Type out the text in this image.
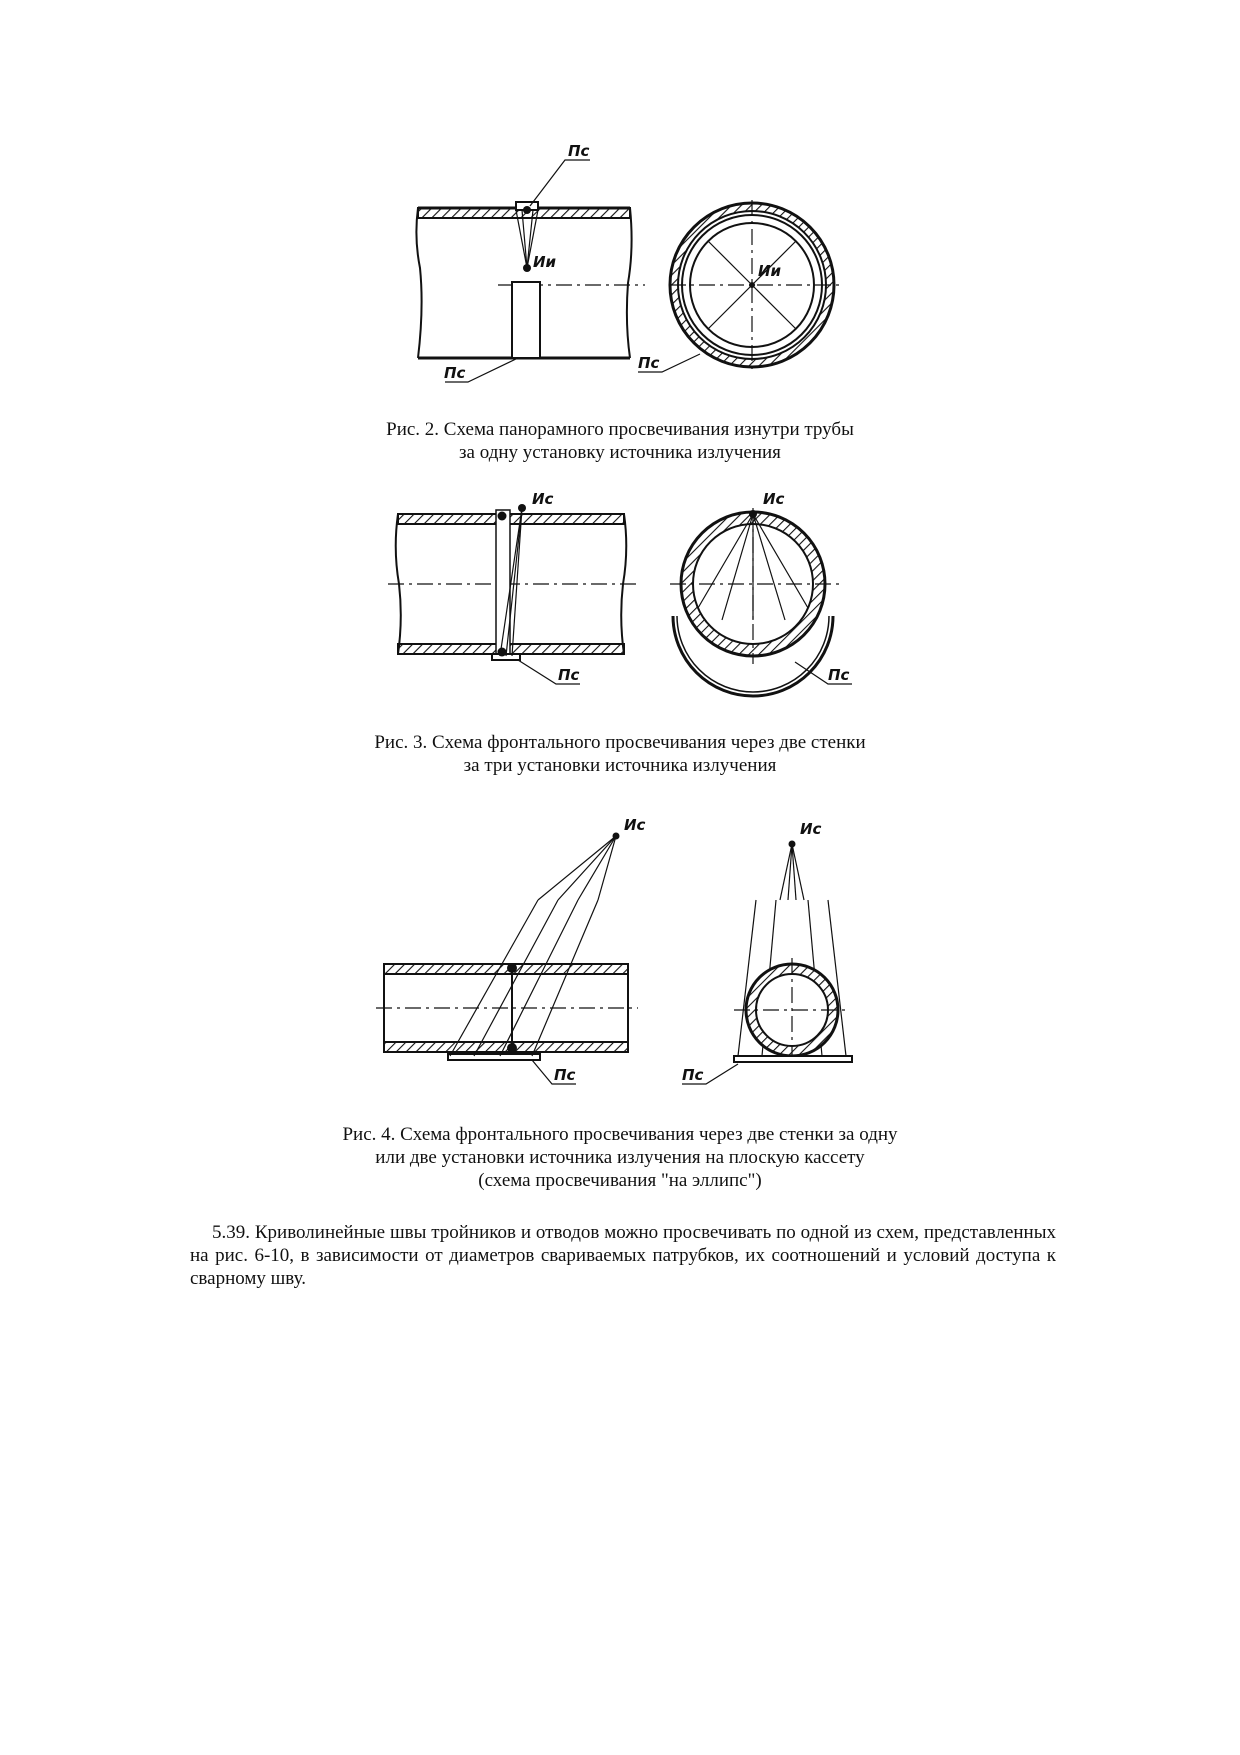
Пс
Пс
Ии	Ии
Пс
Рис. 2. Схема панорамного просвечивания изнутри трубы
за одну установку источника излучения
Ис
Пс
Ис
Пс
Рис. 3. Схема фронтального просвечивания через две стенки
за три установки источника излучения
Ис
Пс
Ис
Пс
Рис. 4. Схема фронтального просвечивания через две стенки за одну
или две установки источника излучения на плоскую кассету
(схема просвечивания "на эллипс")
5.39. Криволинейные швы тройников и отводов можно просвечивать по одной из схем, представленных на рис. 6-10, в зависимости от диаметров свариваемых патрубков, их соотношений и условий доступа к сварному шву.
